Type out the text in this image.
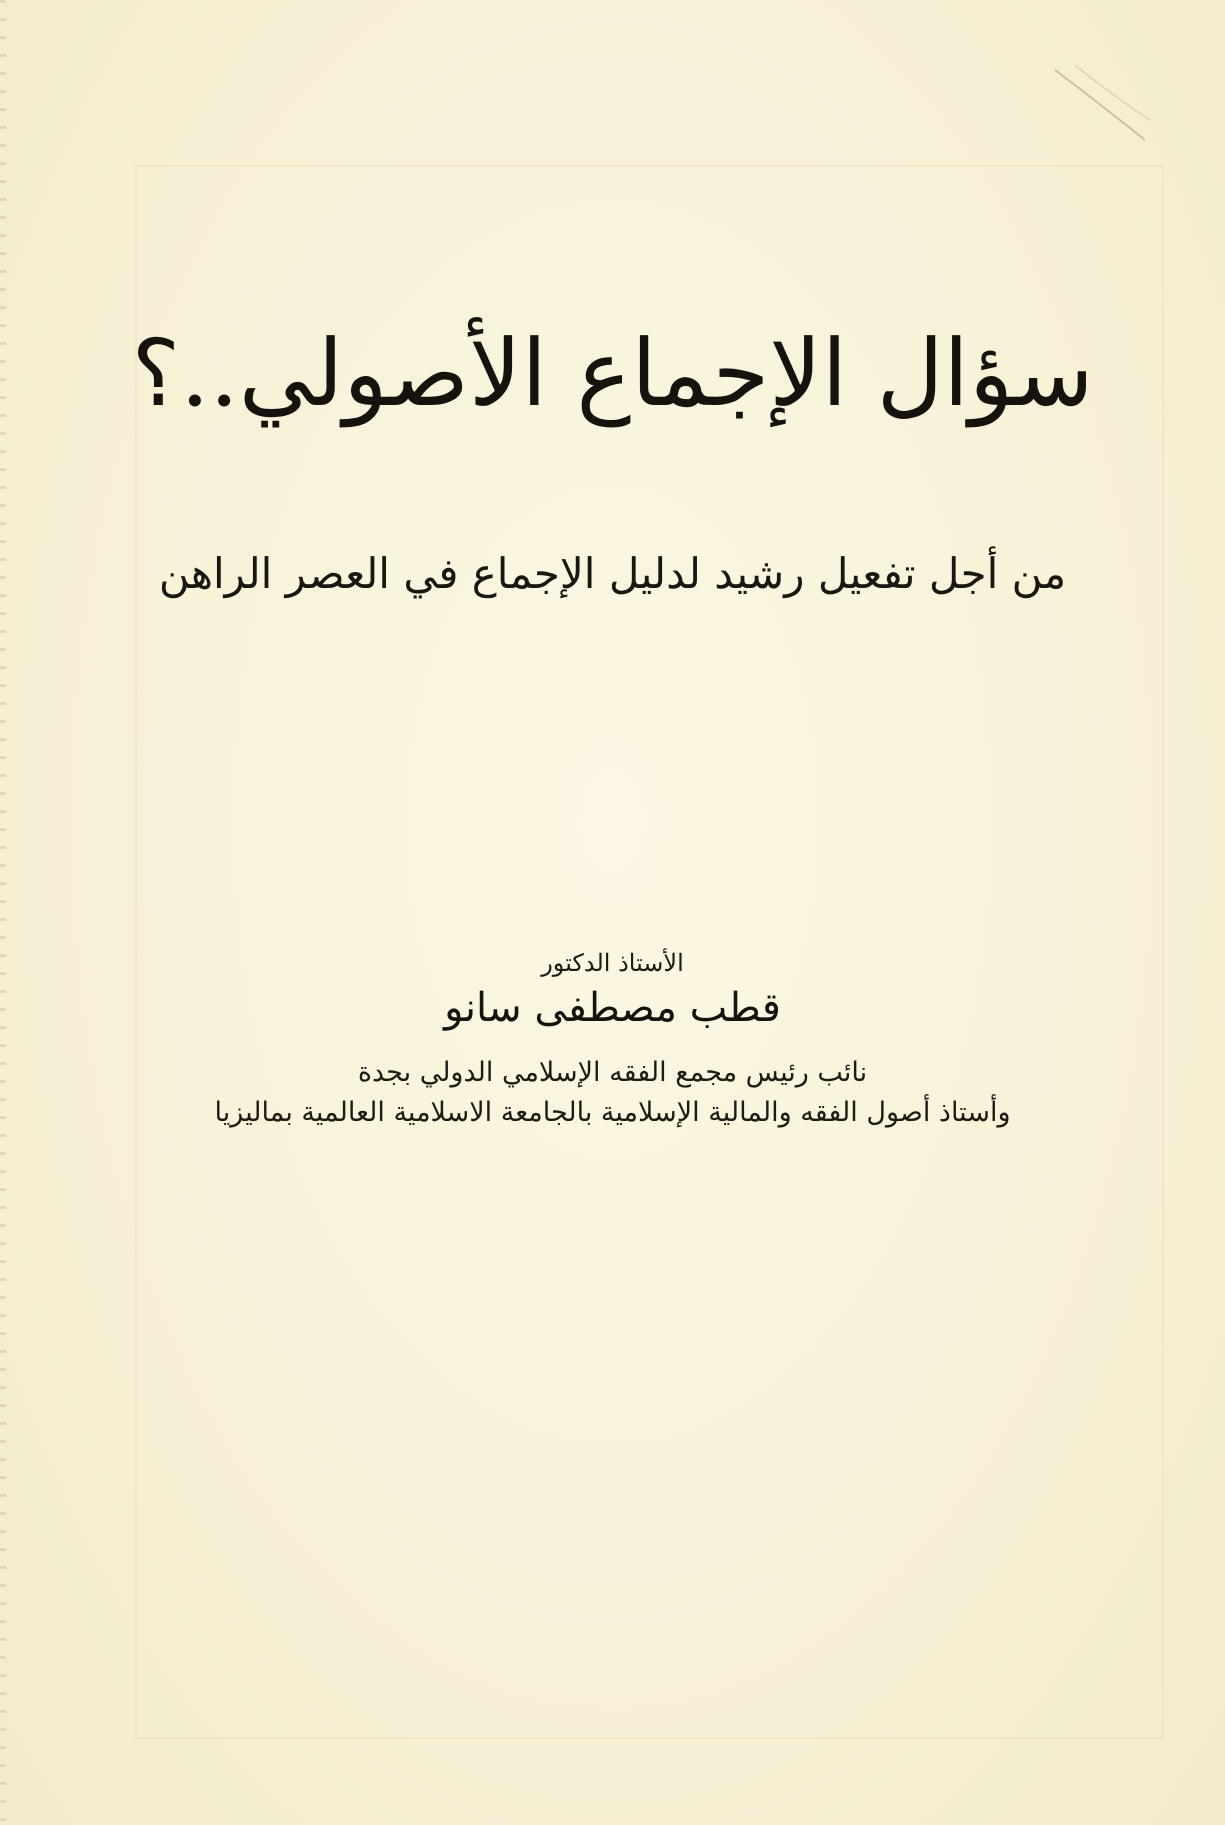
سؤال الإجماع الأصولي..؟
من أجل تفعيل رشيد لدليل الإجماع في العصر الراهن
الأستاذ الدكتور
قطب مصطفى سانو
نائب رئيس مجمع الفقه الإسلامي الدولي بجدة
وأستاذ أصول الفقه والمالية الإسلامية بالجامعة الاسلامية العالمية بماليزيا
